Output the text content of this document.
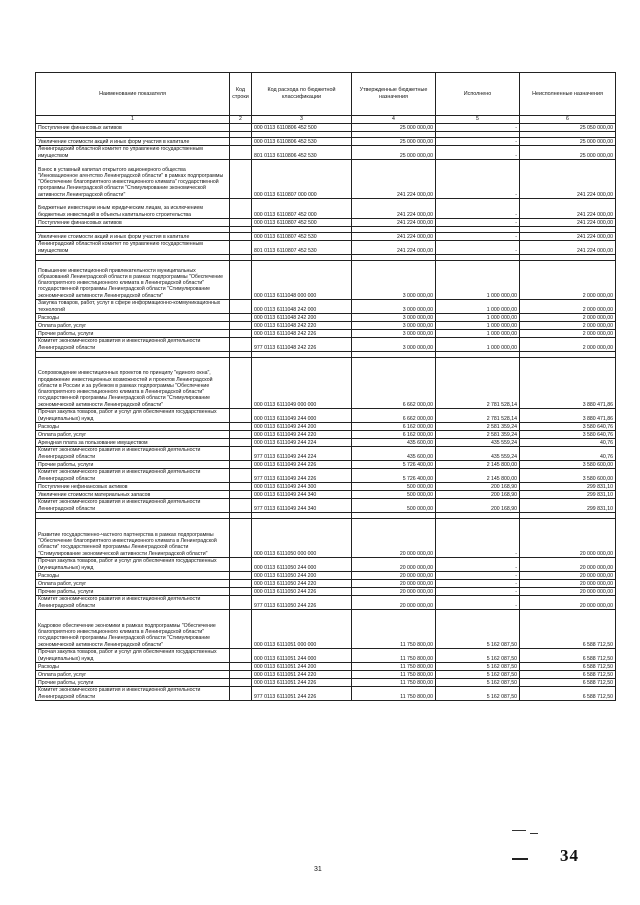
Наименование показателя	Код строки	Код расхода по бюджетной классификации	Утвержденные бюджетные назначения	Исполнено	Неисполненные назначения
1	2	3	4	5	6
Поступление финансовых активов		000 0113 6110806 452 500	25 000 000,00	-	25 050 000,00

Увеличение стоимости акций и иных форм участия в капитале		000 0113 6110806 452 530	25 000 000,00	-	25 000 000,00
Ленинградский областной комитет по управлению государственным имуществом		801 0113 6110806 452 530	25 000 000,00	-	25 000 000,00
Взнос в уставный капитал открытого акционерного общества "Инновационное агентство Ленинградской области" в рамках подпрограммы "Обеспечение благоприятного инвестиционного климата" государственной программы Ленинградской области "Стимулирование экономической активности Ленинградской области"		000 0113 6110807 000 000	241 224 000,00	-	241 224 000,00
Бюджетные инвестиции иным юридическим лицам, за исключением бюджетных инвестиций в объекты капитального строительства		000 0113 6110807 452 000	241 224 000,00	-	241 224 000,00
Поступление финансовых активов		000 0113 6110807 452 500	241 224 000,00	-	241 224 000,00

Увеличение стоимости акций и иных форм участия в капитале		000 0113 6110807 452 530	241 224 000,00	-	241 224 000,00
Ленинградский областной комитет по управлению государственным имуществом		801 0113 6110807 452 530	241 224 000,00	-	241 224 000,00

Повышение инвестиционной привлекательности муниципальных образований Ленинградской области в рамках подпрограммы "Обеспечение благоприятного инвестиционного климата в Ленинградской области" государственной программы Ленинградской области "Стимулирование экономической активности Ленинградской области"		000 0113 6111048 000 000	3 000 000,00	1 000 000,00	2 000 000,00
Закупка товаров, работ, услуг в сфере информационно-коммуникационных технологий		000 0113 6111048 242 000	3 000 000,00	1 000 000,00	2 000 000,00
Расходы		000 0113 6111048 242 200	3 000 000,00	1 000 000,00	2 000 000,00
Оплата работ, услуг		000 0113 6111048 242 220	3 000 000,00	1 000 000,00	2 000 000,00
Прочие работы, услуги		000 0113 6111048 242 226	3 000 000,00	1 000 000,00	2 000 000,00
Комитет экономического развития и инвестиционной деятельности Ленинградской области		977 0113 6111048 242 226	3 000 000,00	1 000 000,00	2 000 000,00

Сопровождение инвестиционных проектов по принципу "единого окна", продвижение инвестиционных возможностей и проектов Ленинградской области в России и за рубежом в рамках подпрограммы "Обеспечение благоприятного инвестиционного климата в Ленинградской области" государственной программы Ленинградской области "Стимулирование экономической активности Ленинградской области"		000 0113 6111049 000 000	6 662 000,00	2 781 528,14	3 880 471,86
Прочая закупка товаров, работ и услуг для обеспечения государственных (муниципальных) нужд		000 0113 6111049 244 000	6 662 000,00	2 781 528,14	3 880 471,86
Расходы		000 0113 6111049 244 200	6 162 000,00	2 581 359,24	3 580 640,76
Оплата работ, услуг		000 0113 6111049 244 220	6 162 000,00	2 581 359,24	3 580 640,76
Арендная плата за пользование имуществом		000 0113 6111049 244 224	435 600,00	435 559,24	40,76
Комитет экономического развития и инвестиционной деятельности Ленинградской области		977 0113 6111049 244 224	435 600,00	435 559,24	40,76
Прочие работы, услуги		000 0113 6111049 244 226	5 726 400,00	2 145 800,00	3 580 600,00
Комитет экономического развития и инвестиционной деятельности Ленинградской области		977 0113 6111049 244 226	5 726 400,00	2 145 800,00	3 580 600,00
Поступление нефинансовых активов		000 0113 6111049 244 300	500 000,00	200 168,90	299 831,10
Увеличение стоимости материальных запасов		000 0113 6111049 244 340	500 000,00	200 168,90	299 831,10
Комитет экономического развития и инвестиционной деятельности Ленинградской области		977 0113 6111049 244 340	500 000,00	200 168,90	299 831,10

Развитие государственно-частного партнерства в рамках подпрограммы "Обеспечение благоприятного инвестиционного климата в Ленинградской области" государственной программы Ленинградской области "Стимулирование экономической активности Ленинградской области"		000 0113 6111050 000 000	20 000 000,00	-	20 000 000,00
Прочая закупка товаров, работ и услуг для обеспечения государственных (муниципальных) нужд		000 0113 6111050 244 000	20 000 000,00	-	20 000 000,00
Расходы		000 0113 6111050 244 200	20 000 000,00	-	20 000 000,00
Оплата работ, услуг		000 0113 6111050 244 220	20 000 000,00	-	20 000 000,00
Прочие работы, услуги		000 0113 6111050 244 226	20 000 000,00	-	20 000 000,00
Комитет экономического развития и инвестиционной деятельности Ленинградской области		977 0113 6111050 244 226	20 000 000,00	-	20 000 000,00
Кадровое обеспечение экономики в рамках подпрограммы "Обеспечение благоприятного инвестиционного климата в Ленинградской области" государственной программы Ленинградской области "Стимулирование экономической активности Ленинградской области"		000 0113 6111051 000 000	11 750 800,00	5 162 087,50	6 588 712,50
Прочая закупка товаров, работ и услуг для обеспечения государственных (муниципальных) нужд		000 0113 6111051 244 000	11 750 800,00	5 162 087,50	6 588 712,50
Расходы		000 0113 6111051 244 200	11 750 800,00	5 162 087,50	6 588 712,50
Оплата работ, услуг		000 0113 6111051 244 220	11 750 800,00	5 162 087,50	6 588 712,50
Прочие работы, услуги		000 0113 6111051 244 226	11 750 800,00	5 162 087,50	6 588 712,50
Комитет экономического развития и инвестиционной деятельности Ленинградской области		977 0113 6111051 244 226	11 750 800,00	5 162 087,50	6 588 712,50
31
34
